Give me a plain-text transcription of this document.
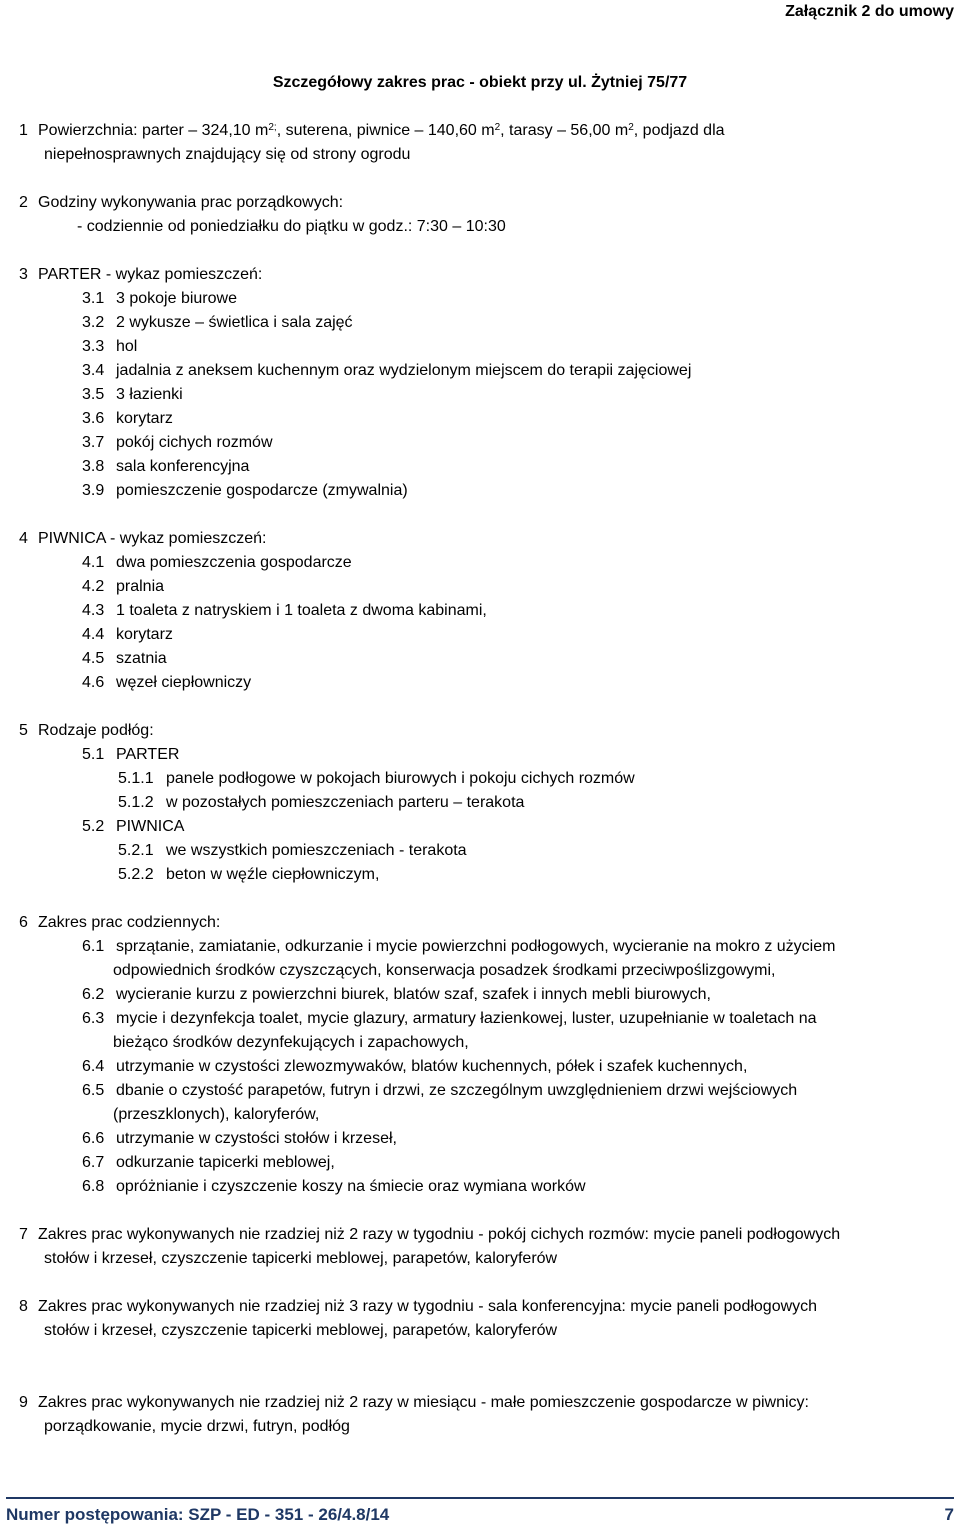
Załącznik 2 do umowy
Szczegółowy zakres prac - obiekt przy ul. Żytniej 75/77
1 Powierzchnia: parter – 324,10 $m^{2;}$, suterena, piwnice – 140,60 $m^2$, tarasy – 56,00 $m^2$, podjazd dla
niepełnosprawnych znajdujący się od strony ogrodu
2 Godziny wykonywania prac porządkowych:
- codziennie od poniedziałku do piątku w godz.: 7:30 – 10:30
3 PARTER - wykaz pomieszczeń:
3.1 3 pokoje biurowe
3.2 2 wykusze – świetlica i sala zajęć
3.3 hol
3.4 jadalnia z aneksem kuchennym oraz wydzielonym miejscem do terapii zajęciowej
3.5 3 łazienki
3.6 korytarz
3.7 pokój cichych rozmów
3.8 sala konferencyjna
3.9 pomieszczenie gospodarcze (zmywalnia)
4 PIWNICA - wykaz pomieszczeń:
4.1 dwa pomieszczenia gospodarcze
4.2 pralnia
4.3 1 toaleta z natryskiem i 1 toaleta z dwoma kabinami,
4.4 korytarz
4.5 szatnia
4.6 węzeł ciepłowniczy
5 Rodzaje podłóg:
5.1 PARTER
5.1.1 panele podłogowe w pokojach biurowych i pokoju cichych rozmów
5.1.2 w pozostałych pomieszczeniach parteru – terakota
5.2 PIWNICA
5.2.1 we wszystkich pomieszczeniach - terakota
5.2.2 beton w węźle ciepłowniczym,
6 Zakres prac codziennych:
6.1 sprzątanie, zamiatanie, odkurzanie i mycie powierzchni podłogowych, wycieranie na mokro z użyciem
odpowiednich środków czyszczących, konserwacja posadzek środkami przeciwpoślizgowymi,
6.2 wycieranie kurzu z powierzchni biurek, blatów szaf, szafek i innych mebli biurowych,
6.3 mycie i dezynfekcja toalet, mycie glazury, armatury łazienkowej, luster, uzupełnianie w toaletach na
bieżąco środków dezynfekujących i zapachowych,
6.4 utrzymanie w czystości zlewozmywaków, blatów kuchennych, półek i szafek kuchennych,
6.5 dbanie o czystość parapetów, futryn i drzwi, ze szczególnym uwzględnieniem drzwi wejściowych
(przeszklonych), kaloryferów,
6.6 utrzymanie w czystości stołów i krzeseł,
6.7 odkurzanie tapicerki meblowej,
6.8 opróżnianie i czyszczenie koszy na śmiecie oraz wymiana worków
7 Zakres prac wykonywanych nie rzadziej niż 2 razy w tygodniu - pokój cichych rozmów: mycie paneli podłogowych
stołów i krzeseł, czyszczenie tapicerki meblowej, parapetów, kaloryferów
8 Zakres prac wykonywanych nie rzadziej niż 3 razy w tygodniu - sala konferencyjna: mycie paneli podłogowych
stołów i krzeseł, czyszczenie tapicerki meblowej, parapetów, kaloryferów
9 Zakres prac wykonywanych nie rzadziej niż 2 razy w miesiącu - małe pomieszczenie gospodarcze w piwnicy:
porządkowanie, mycie drzwi, futryn, podłóg
Numer postępowania: SZP - ED - 351 - 26/4.8/14	7
